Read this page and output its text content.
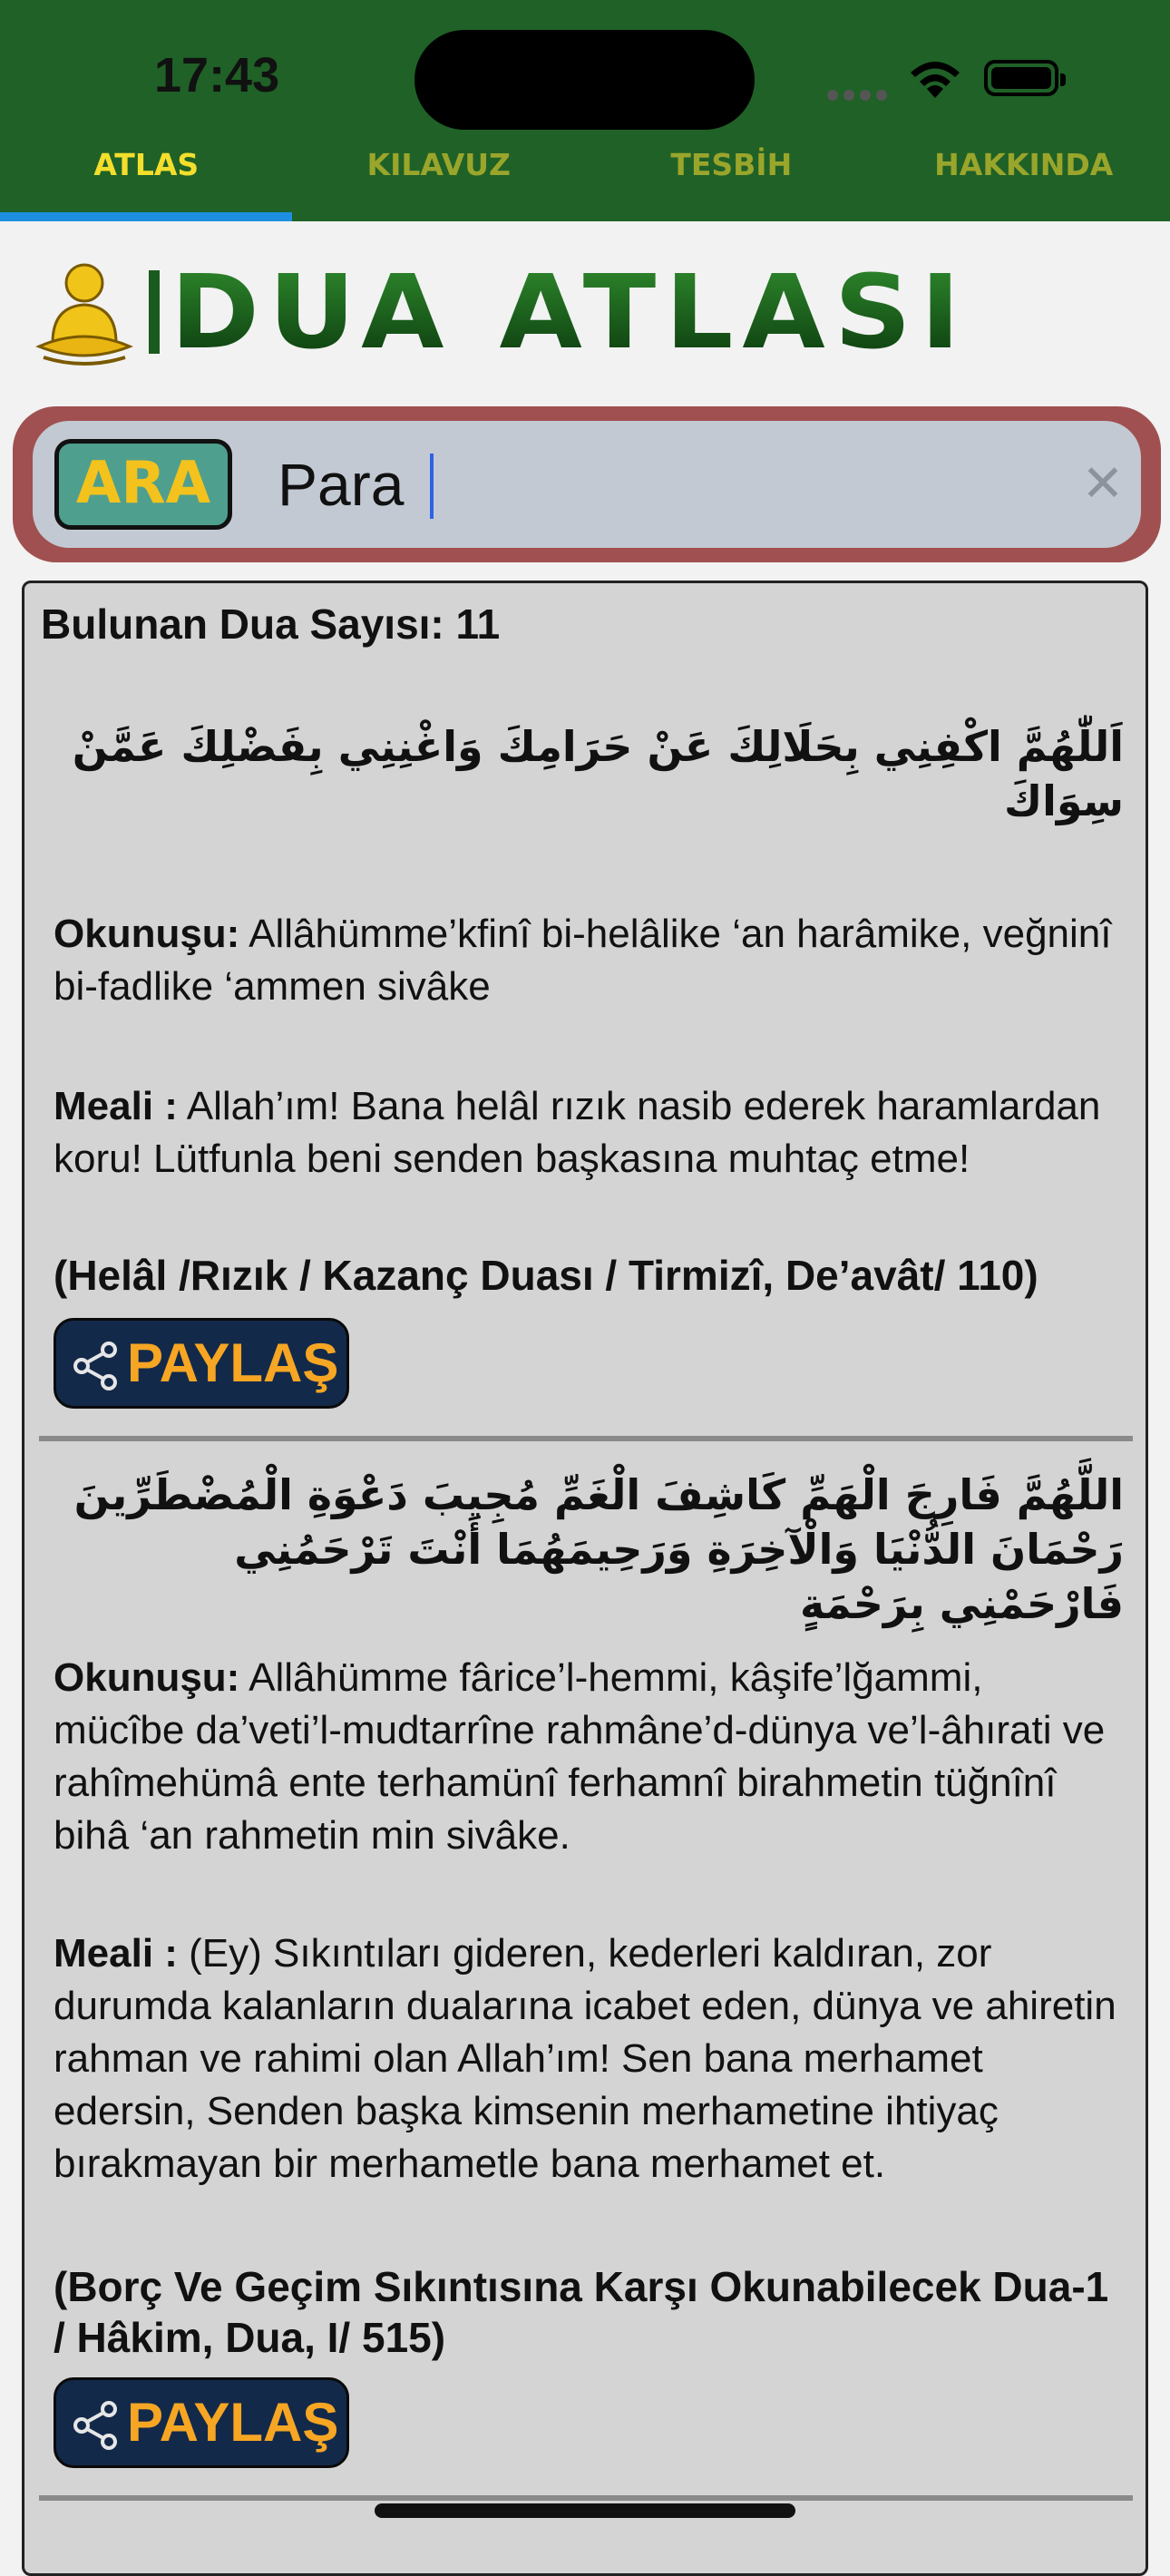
17:43
ATLAS	KILAVUZ	TESBİH	HAKKINDA
DUA ATLASI
ARA
Para	✕
Bulunan Dua Sayısı: 11
اَللّٰهُمَّ اكْفِنِي بِحَلَالِكَ عَنْ حَرَامِكَ وَاغْنِنِي بِفَضْلِكَ عَمَّنْ سِوَاكَ
Okunuşu: Allâhümme’kfinî bi-helâlike ‘an harâmike, veğninî bi-fadlike ‘ammen sivâke
Meali : Allah’ım! Bana helâl rızık nasib ederek haramlardan koru! Lütfunla beni senden başkasına muhtaç etme!
(Helâl /Rızık / Kazanç Duası / Tirmizî, De’avât/ 110)
PAYLAŞ
اللَّهُمَّ فَارِجَ الْهَمِّ كَاشِفَ الْغَمِّ مُجِيبَ دَعْوَةِ الْمُضْطَرِّينَ رَحْمَانَ الدُّنْيَا وَالْآخِرَةِ وَرَحِيمَهُمَا أَنْتَ تَرْحَمُنِي فَارْحَمْنِي بِرَحْمَةٍ
Okunuşu: Allâhümme fârice’l-hemmi, kâşife’lğammi, mücîbe da’veti’l-mudtarrîne rahmâne’d-dünya ve’l-âhırati ve rahîmehümâ ente terhamünî ferhamnî birahmetin tüğnînî bihâ ‘an rahmetin min sivâke.
Meali : (Ey) Sıkıntıları gideren, kederleri kaldıran, zor durumda kalanların dualarına icabet eden, dünya ve ahiretin rahman ve rahimi olan Allah’ım! Sen bana merhamet edersin, Senden başka kimsenin merhametine ihtiyaç bırakmayan bir merhametle bana merhamet et.
(Borç Ve Geçim Sıkıntısına Karşı Okunabilecek Dua-1 / Hâkim, Dua, I/ 515)
PAYLAŞ
